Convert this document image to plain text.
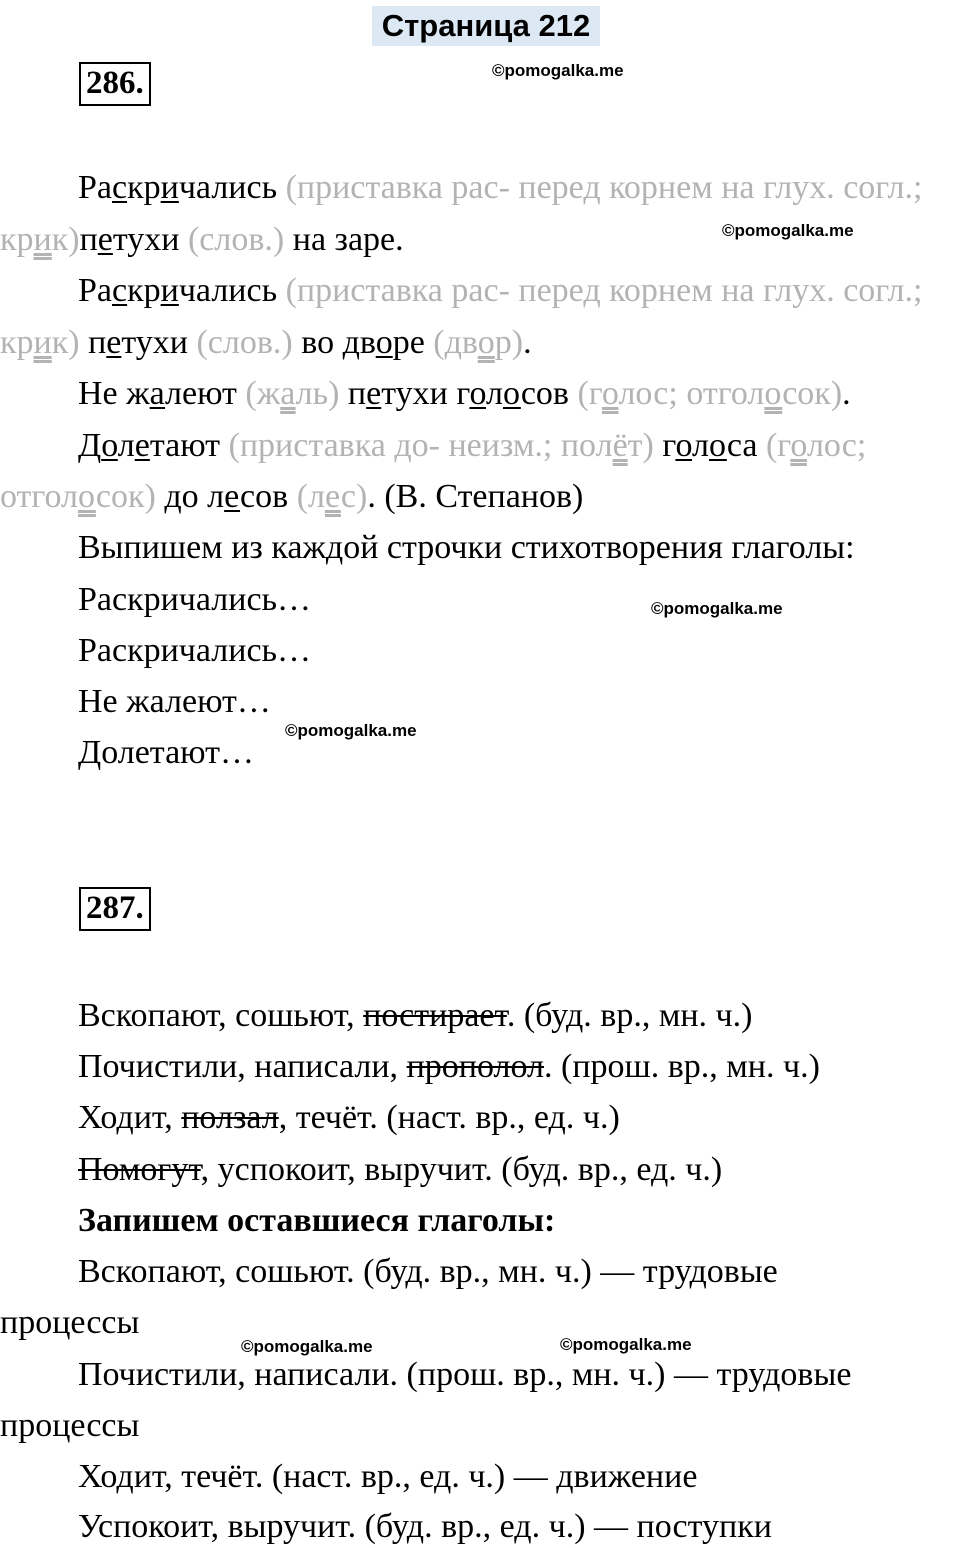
Страница 212
286.	©pomogalka.me
Раскричались (приставка рас- перед корнем на глух. согл.;
крик)петухи (слов.) на заре.	©pomogalka.me
Раскричались (приставка рас- перед корнем на глух. согл.;
крик) петухи (слов.) во дворе (двор).
Не жалеют (жаль) петухи голосов (голос; отголосок).
Долетают (приставка до- неизм.; полёт) голоса (голос;
отголосок) до лесов (лес). (В. Степанов)
Выпишем из каждой строчки стихотворения глаголы:
Раскричались…	©pomogalka.me
Раскричались…
Не жалеют…
©pomogalka.me
Долетают…
287.
Вскопают, сошьют, постирает. (буд. вр., мн. ч.)
Почистили, написали, прополол. (прош. вр., мн. ч.)
Ходит, ползал, течёт. (наст. вр., ед. ч.)
Помогут, успокоит, выручит. (буд. вр., ед. ч.)
Запишем оставшиеся глаголы:
Вскопают, сошьют. (буд. вр., мн. ч.) — трудовые
процессы
©pomogalka.me	©pomogalka.me
Почистили, написали. (прош. вр., мн. ч.) — трудовые
процессы
Ходит, течёт. (наст. вр., ед. ч.) — движение
Успокоит, выручит. (буд. вр., ед. ч.) — поступки
